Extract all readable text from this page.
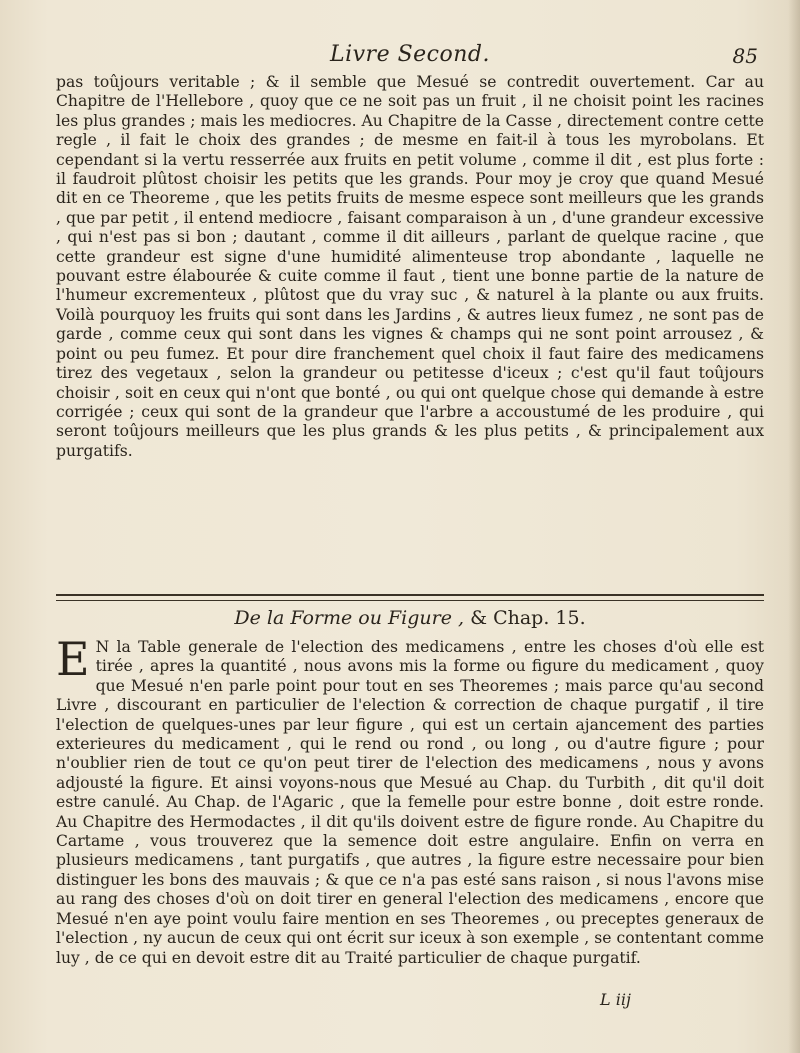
Livre Second.	85
pas toûjours veritable ; & il semble que Mesué se contredit ouvertement. Car au Chapitre de l'Hellebore , quoy que ce ne soit pas un fruit , il ne choisit point les racines les plus grandes ; mais les mediocres. Au Chapitre de la Casse , directement contre cette regle , il fait le choix des grandes ; de mesme en fait-il à tous les myrobolans. Et cependant si la vertu resserrée aux fruits en petit volume , comme il dit , est plus forte : il faudroit plûtost choisir les petits que les grands. Pour moy je croy que quand Mesué dit en ce Theoreme , que les petits fruits de mesme espece sont meilleurs que les grands , que par petit , il entend mediocre , faisant comparaison à un , d'une grandeur excessive , qui n'est pas si bon ; dautant , comme il dit ailleurs , parlant de quelque racine , que cette grandeur est signe d'une humidité alimenteuse trop abondante , laquelle ne pouvant estre élabourée & cuite comme il faut , tient une bonne partie de la nature de l'humeur excrementeux , plûtost que du vray suc , & naturel à la plante ou aux fruits. Voilà pourquoy les fruits qui sont dans les Jardins , & autres lieux fumez , ne sont pas de garde , comme ceux qui sont dans les vignes & champs qui ne sont point arrousez , & point ou peu fumez. Et pour dire franchement quel choix il faut faire des medicamens tirez des vegetaux , selon la grandeur ou petitesse d'iceux ; c'est qu'il faut toûjours choisir , soit en ceux qui n'ont que bonté , ou qui ont quelque chose qui demande à estre corrigée ; ceux qui sont de la grandeur que l'arbre a accoustumé de les produire , qui seront toûjours meilleurs que les plus grands & les plus petits , & principalement aux purgatifs.
De la Forme ou Figure , & Chap. 15.
E N la Table generale de l'election des medicamens , entre les choses d'où elle est tirée , apres la quantité , nous avons mis la forme ou figure du medicament , quoy que Mesué n'en parle point pour tout en ses Theoremes ; mais parce qu'au second Livre , discourant en particulier de l'election & correction de chaque purgatif , il tire l'election de quelques-unes par leur figure , qui est un certain ajancement des parties exterieures du medicament , qui le rend ou rond , ou long , ou d'autre figure ; pour n'oublier rien de tout ce qu'on peut tirer de l'election des medicamens , nous y avons adjousté la figure. Et ainsi voyons-nous que Mesué au Chap. du Turbith , dit qu'il doit estre canulé. Au Chap. de l'Agaric , que la femelle pour estre bonne , doit estre ronde. Au Chapitre des Hermodactes , il dit qu'ils doivent estre de figure ronde. Au Chapitre du Cartame , vous trouverez que la semence doit estre angulaire. Enfin on verra en plusieurs medicamens , tant purgatifs , que autres , la figure estre necessaire pour bien distinguer les bons des mauvais ; & que ce n'a pas esté sans raison , si nous l'avons mise au rang des choses d'où on doit tirer en general l'election des medicamens , encore que Mesué n'en aye point voulu faire mention en ses Theoremes , ou preceptes generaux de l'election , ny aucun de ceux qui ont écrit sur iceux à son exemple , se contentant comme luy , de ce qui en devoit estre dit au Traité particulier de chaque purgatif.
L iij
